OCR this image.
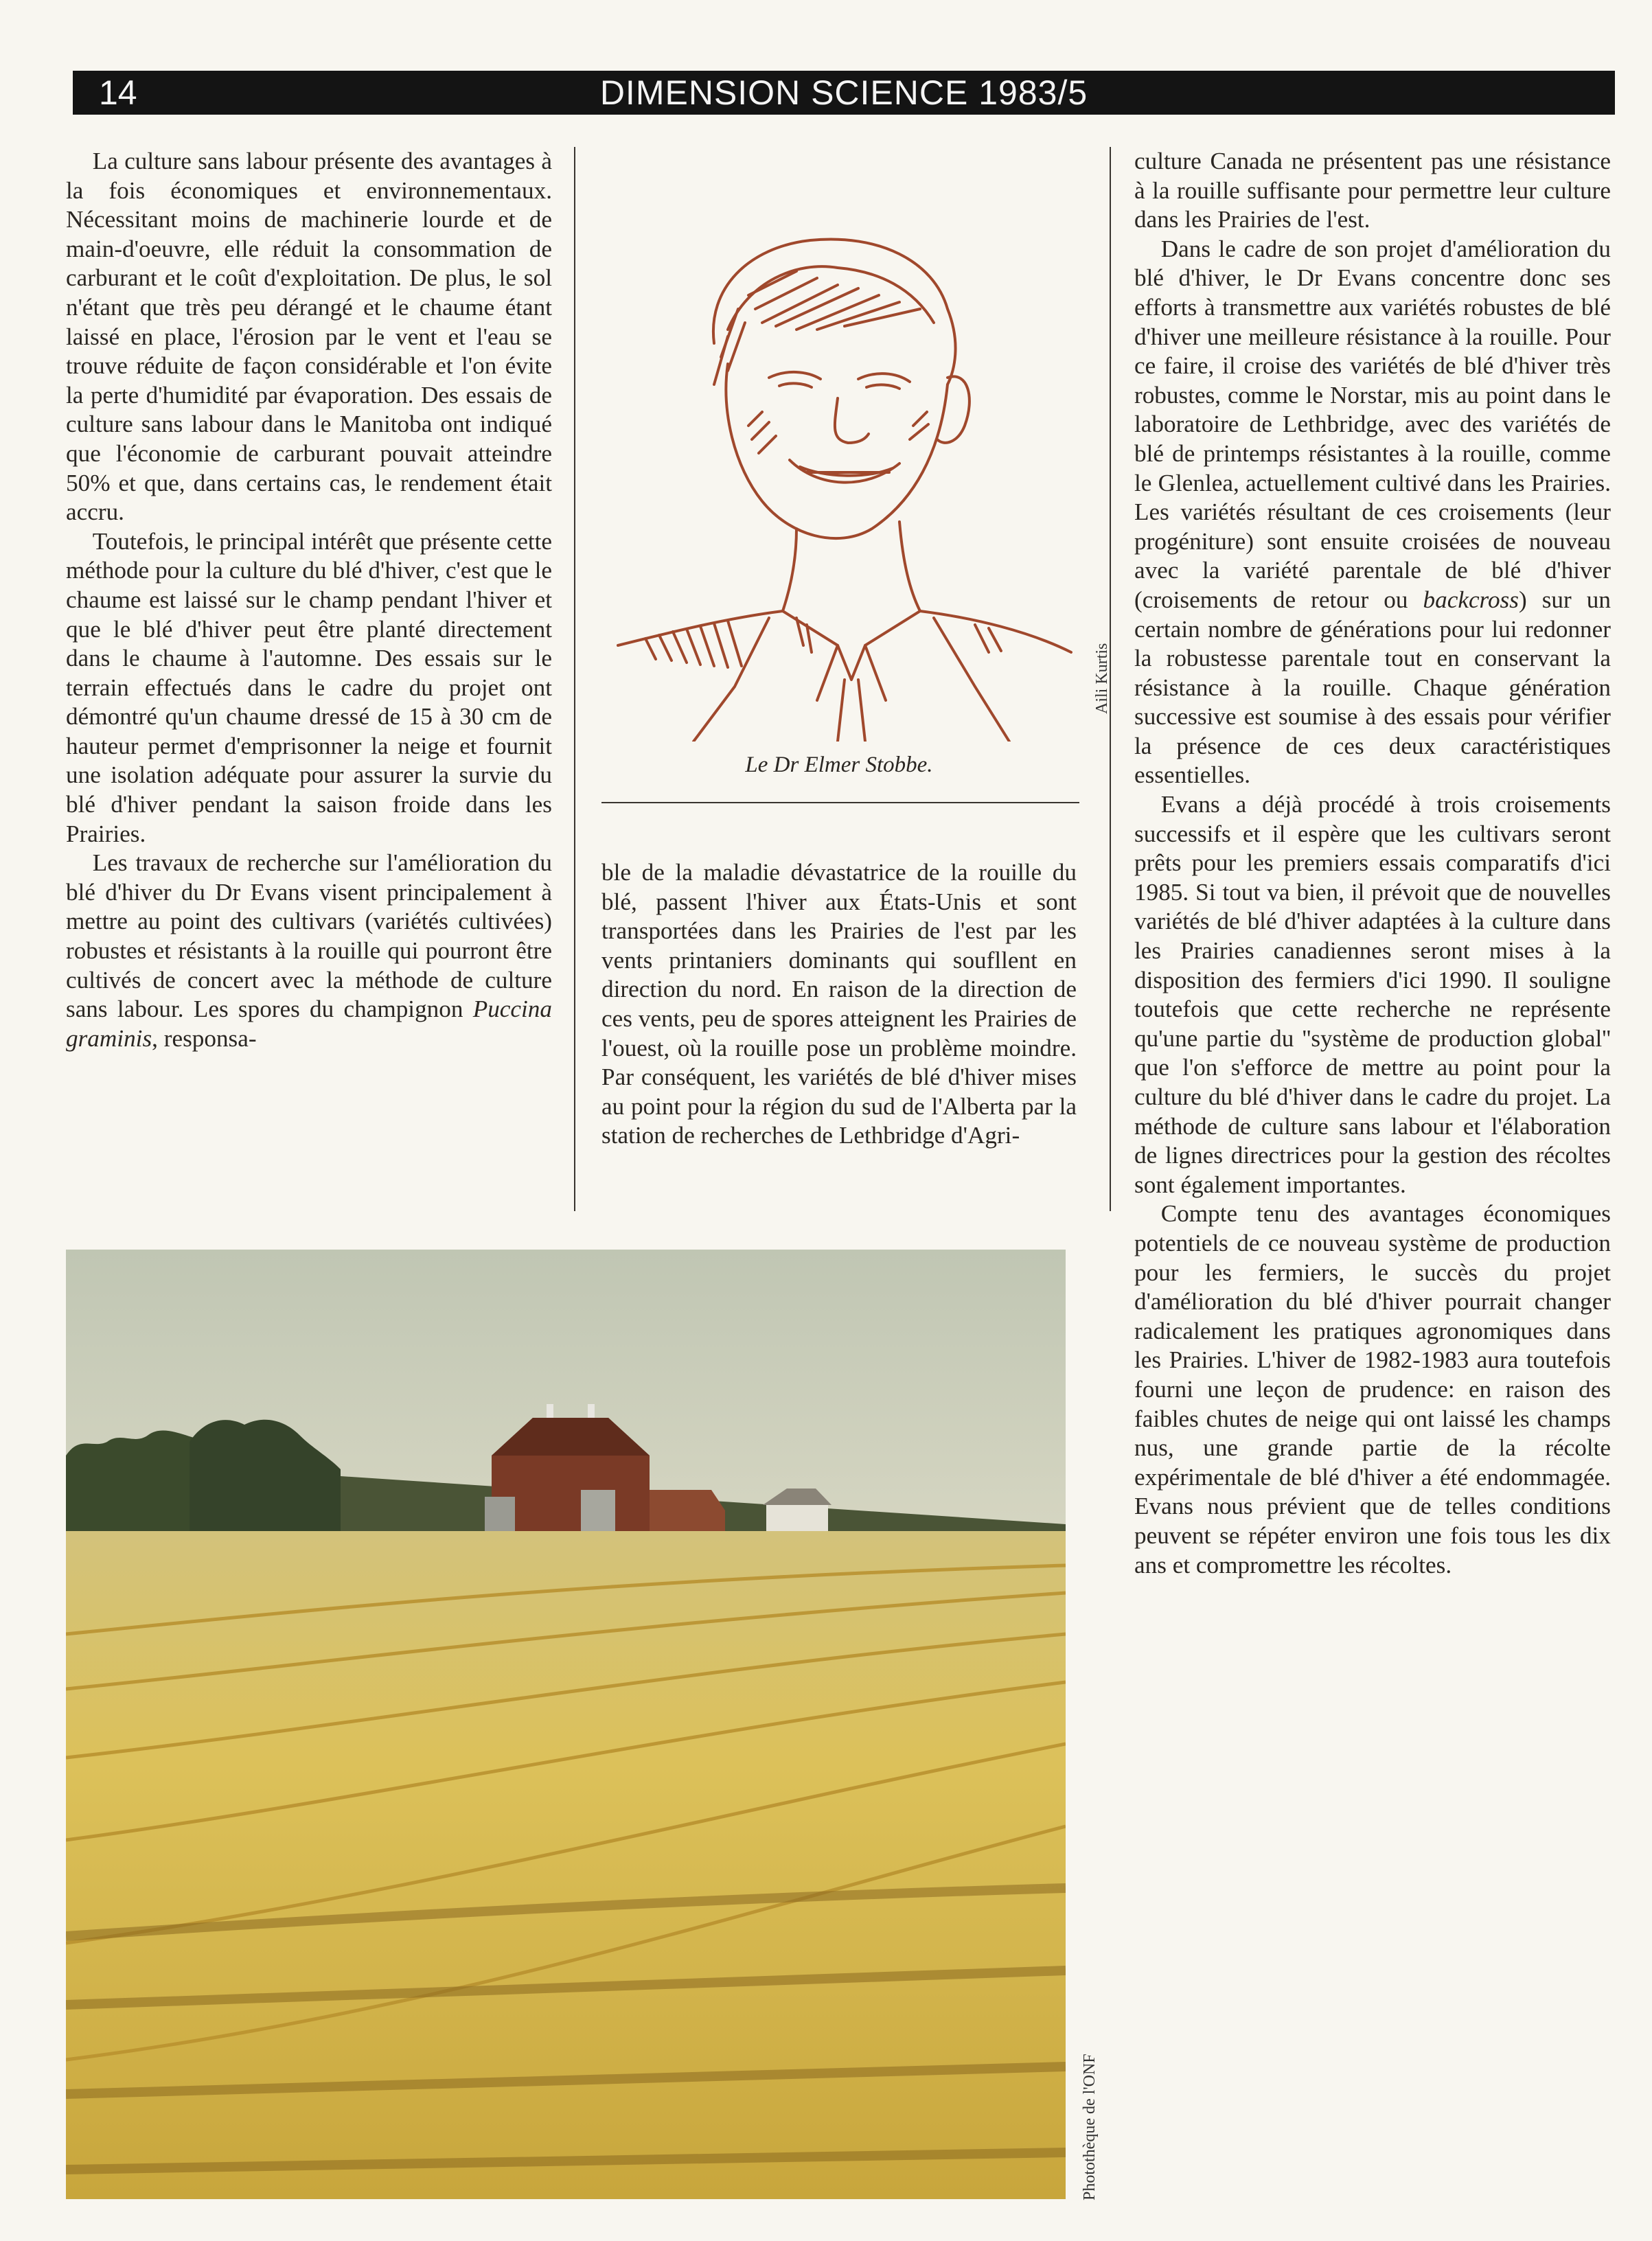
14	DIMENSION SCIENCE 1983/5

La culture sans labour présente des avantages à la fois économiques et environnementaux. Nécessitant moins de machinerie lourde et de main-d'oeuvre, elle réduit la consommation de carburant et le coût d'exploitation. De plus, le sol n'étant que très peu dérangé et le chaume étant laissé en place, l'érosion par le vent et l'eau se trouve réduite de façon considérable et l'on évite la perte d'humidité par évaporation. Des essais de culture sans labour dans le Manitoba ont indiqué que l'économie de carburant pouvait atteindre 50% et que, dans certains cas, le rendement était accru.

Toutefois, le principal intérêt que présente cette méthode pour la culture du blé d'hiver, c'est que le chaume est laissé sur le champ pendant l'hiver et que le blé d'hiver peut être planté directement dans le chaume à l'automne. Des essais sur le terrain effectués dans le cadre du projet ont démontré qu'un chaume dressé de 15 à 30 cm de hauteur permet d'emprisonner la neige et fournit une isolation adéquate pour assurer la survie du blé d'hiver pendant la saison froide dans les Prairies.

Les travaux de recherche sur l'amélioration du blé d'hiver du Dr Evans visent principalement à mettre au point des cultivars (variétés cultivées) robustes et résistants à la rouille qui pourront être cultivés de concert avec la méthode de culture sans labour. Les spores du champignon Puccina graminis, responsa-

Le Dr Elmer Stobbe.
Aili Kurtis

ble de la maladie dévastatrice de la rouille du blé, passent l'hiver aux États-Unis et sont transportées dans les Prairies de l'est par les vents printaniers dominants qui soufllent en direction du nord. En raison de la direction de ces vents, peu de spores atteignent les Prairies de l'ouest, où la rouille pose un problème moindre. Par conséquent, les variétés de blé d'hiver mises au point pour la région du sud de l'Alberta par la station de recherches de Lethbridge d'Agri-

culture Canada ne présentent pas une résistance à la rouille suffisante pour permettre leur culture dans les Prairies de l'est.

Dans le cadre de son projet d'amélioration du blé d'hiver, le Dr Evans concentre donc ses efforts à transmettre aux variétés robustes de blé d'hiver une meilleure résistance à la rouille. Pour ce faire, il croise des variétés de blé d'hiver très robustes, comme le Norstar, mis au point dans le laboratoire de Lethbridge, avec des variétés de blé de printemps résistantes à la rouille, comme le Glenlea, actuellement cultivé dans les Prairies. Les variétés résultant de ces croisements (leur progéniture) sont ensuite croisées de nouveau avec la variété parentale de blé d'hiver (croisements de retour ou backcross) sur un certain nombre de générations pour lui redonner la robustesse parentale tout en conservant la résistance à la rouille. Chaque génération successive est soumise à des essais pour vérifier la présence de ces deux caractéristiques essentielles.

Evans a déjà procédé à trois croisements successifs et il espère que les cultivars seront prêts pour les premiers essais comparatifs d'ici 1985. Si tout va bien, il prévoit que de nouvelles variétés de blé d'hiver adaptées à la culture dans les Prairies canadiennes seront mises à la disposition des fermiers d'ici 1990. Il souligne toutefois que cette recherche ne représente qu'une partie du ''système de production global'' que l'on s'efforce de mettre au point pour la culture du blé d'hiver dans le cadre du projet. La méthode de culture sans labour et l'élaboration de lignes directrices pour la gestion des récoltes sont également importantes.

Compte tenu des avantages économiques potentiels de ce nouveau système de production pour les fermiers, le succès du projet d'amélioration du blé d'hiver pourrait changer radicalement les pratiques agronomiques dans les Prairies. L'hiver de 1982-1983 aura toutefois fourni une leçon de prudence: en raison des faibles chutes de neige qui ont laissé les champs nus, une grande partie de la récolte expérimentale de blé d'hiver a été endommagée. Evans nous prévient que de telles conditions peuvent se répéter environ une fois tous les dix ans et compromettre les récoltes.

Photothèque de l'ONF
